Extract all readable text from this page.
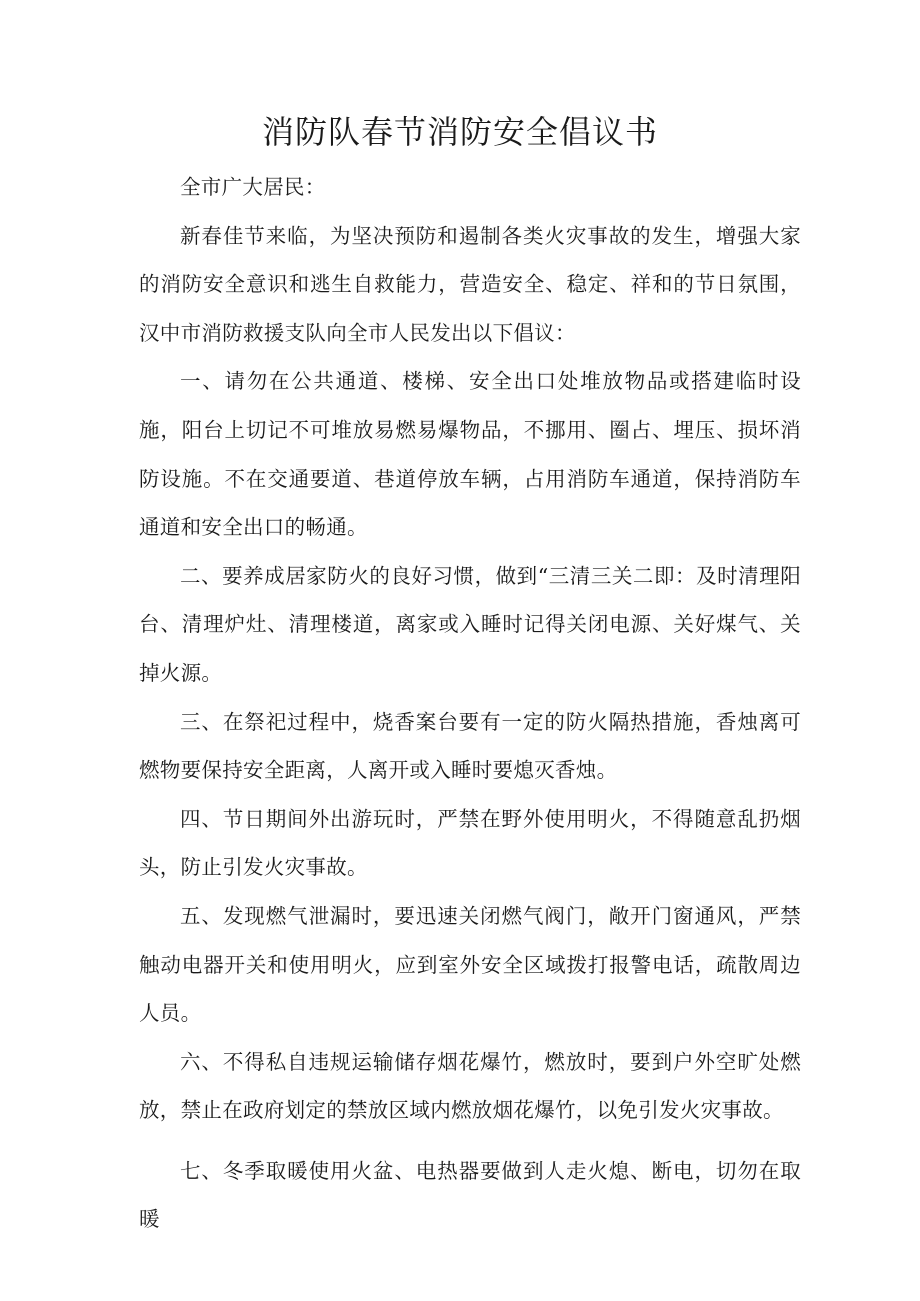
消防队春节消防安全倡议书

全市广大居民：

新春佳节来临，为坚决预防和遏制各类火灾事故的发生，增强大家的消防安全意识和逃生自救能力，营造安全、稳定、祥和的节日氛围，汉中市消防救援支队向全市人民发出以下倡议：

一、请勿在公共通道、楼梯、安全出口处堆放物品或搭建临时设施，阳台上切记不可堆放易燃易爆物品，不挪用、圈占、埋压、损坏消防设施。不在交通要道、巷道停放车辆，占用消防车通道，保持消防车通道和安全出口的畅通。

二、要养成居家防火的良好习惯，做到“三清三关二即：及时清理阳台、清理炉灶、清理楼道，离家或入睡时记得关闭电源、关好煤气、关掉火源。

三、在祭祀过程中，烧香案台要有一定的防火隔热措施，香烛离可燃物要保持安全距离，人离开或入睡时要熄灭香烛。

四、节日期间外出游玩时，严禁在野外使用明火，不得随意乱扔烟头，防止引发火灾事故。

五、发现燃气泄漏时，要迅速关闭燃气阀门，敞开门窗通风，严禁触动电器开关和使用明火，应到室外安全区域拨打报警电话，疏散周边人员。

六、不得私自违规运输储存烟花爆竹，燃放时，要到户外空旷处燃放，禁止在政府划定的禁放区域内燃放烟花爆竹，以免引发火灾事故。

七、冬季取暖使用火盆、电热器要做到人走火熄、断电，切勿在取暖
